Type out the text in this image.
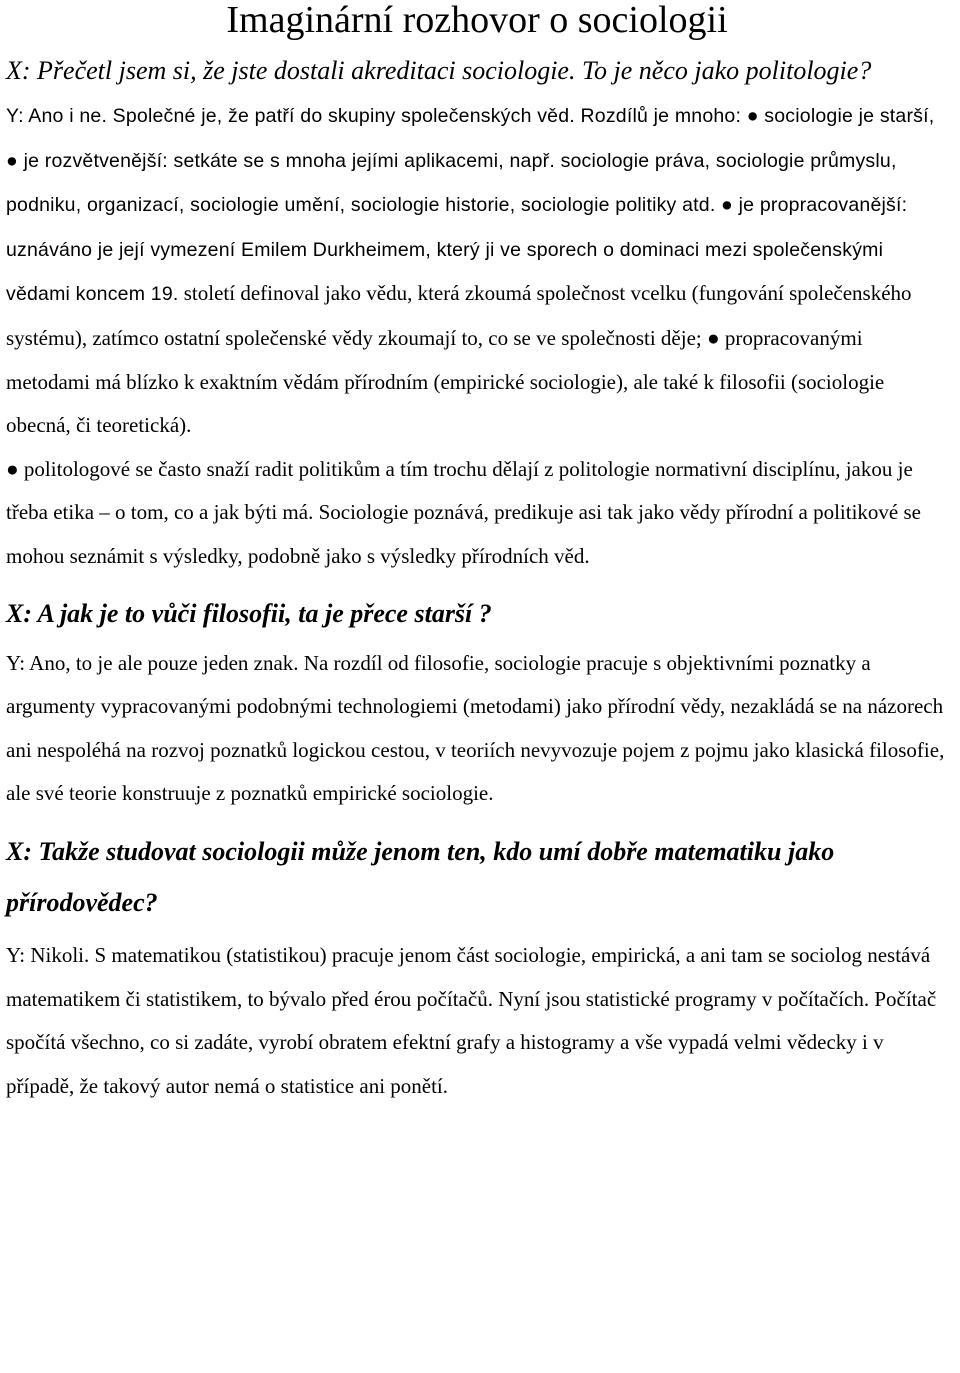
Imaginární rozhovor o sociologii

X: Přečetl jsem si, že jste dostali akreditaci sociologie. To je něco jako politologie?

Y: Ano i ne. Společné je, že patří do skupiny společenských věd. Rozdílů je mnoho: ● sociologie je starší, ● je rozvětvenější: setkáte se s mnoha jejími aplikacemi, např. sociologie práva, sociologie průmyslu, podniku, organizací, sociologie umění, sociologie historie, sociologie politiky atd. ● je propracovanější: uznáváno je její vymezení Emilem Durkheimem, který ji ve sporech o dominaci mezi společenskými vědami koncem 19. století definoval jako vědu, která zkoumá společnost vcelku (fungování společenského systému), zatímco ostatní společenské vědy zkoumají to, co se ve společnosti děje; ● propracovanými metodami má blízko k exaktním vědám přírodním (empirické sociologie), ale také k filosofii (sociologie obecná, či teoretická).

● politologové se často snaží radit politikům a tím trochu dělají z politologie normativní disciplínu, jakou je třeba etika – o tom, co a jak býti má. Sociologie poznává, predikuje asi tak jako vědy přírodní a politikové se mohou seznámit s výsledky, podobně jako s výsledky přírodních věd.

X: A jak je to vůči filosofii, ta je přece starší ?

Y: Ano, to je ale pouze jeden znak. Na rozdíl od filosofie, sociologie pracuje s objektivními poznatky a argumenty vypracovanými podobnými technologiemi (metodami) jako přírodní vědy, nezakládá se na názorech ani nespoléhá na rozvoj poznatků logickou cestou, v teoriích nevyvozuje pojem z pojmu jako klasická filosofie, ale své teorie konstruuje z poznatků empirické sociologie.

X: Takže studovat sociologii může jenom ten, kdo umí dobře matematiku jako přírodovědec?

Y: Nikoli. S matematikou (statistikou) pracuje jenom část sociologie, empirická, a ani tam se sociolog nestává matematikem či statistikem, to bývalo před érou počítačů. Nyní jsou statistické programy v počítačích. Počítač spočítá všechno, co si zadáte, vyrobí obratem efektní grafy a histogramy a vše vypadá velmi vědecky i v případě, že takový autor nemá o statistice ani ponětí.
